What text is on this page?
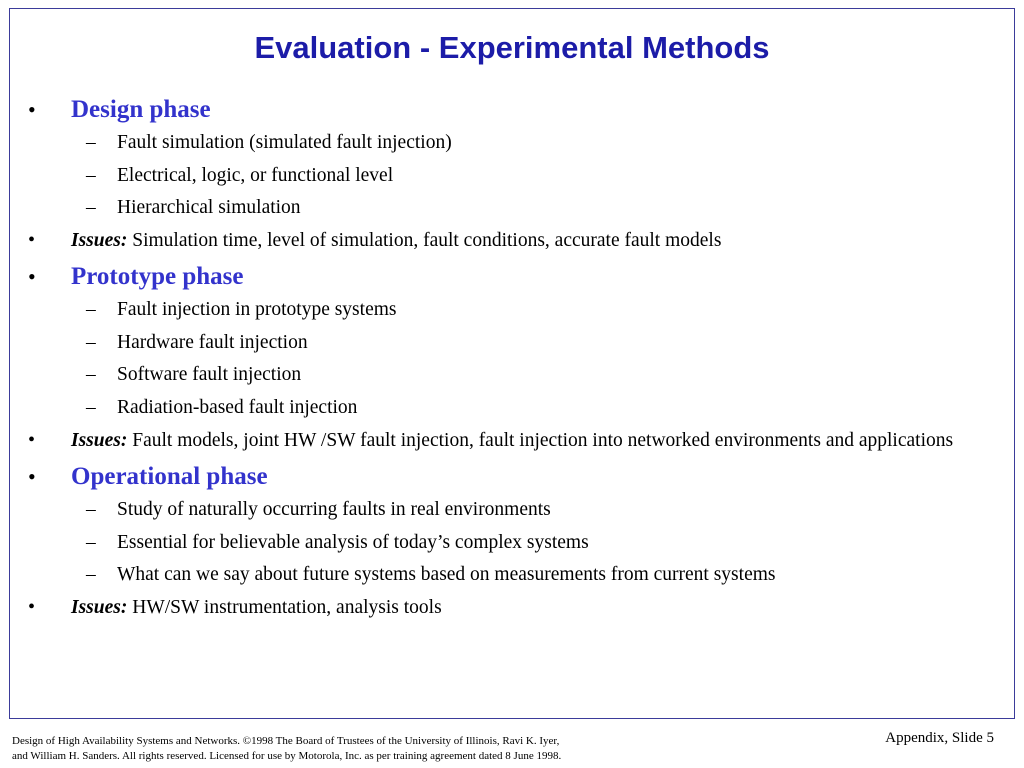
Evaluation - Experimental Methods
•	Design phase
– Fault simulation (simulated fault injection)
– Electrical, logic, or functional level
– Hierarchical simulation
•	Issues: Simulation time, level of simulation, fault conditions, accurate fault models
•	Prototype phase
– Fault injection in prototype systems
– Hardware fault injection
– Software fault injection
– Radiation-based fault injection
•	Issues: Fault models, joint HW /SW fault injection, fault injection into networked environments and applications
•	Operational phase
– Study of naturally occurring faults in real environments
– Essential for believable analysis of today’s complex systems
– What can we say about future systems based on measurements from current systems
•	Issues: HW/SW instrumentation, analysis tools
Design of High Availability Systems and Networks. ©1998 The Board of Trustees of the University of Illinois, Ravi K. Iyer,
and William H. Sanders. All rights reserved. Licensed for use by Motorola, Inc. as per training agreement dated 8 June 1998.
Appendix, Slide 5
